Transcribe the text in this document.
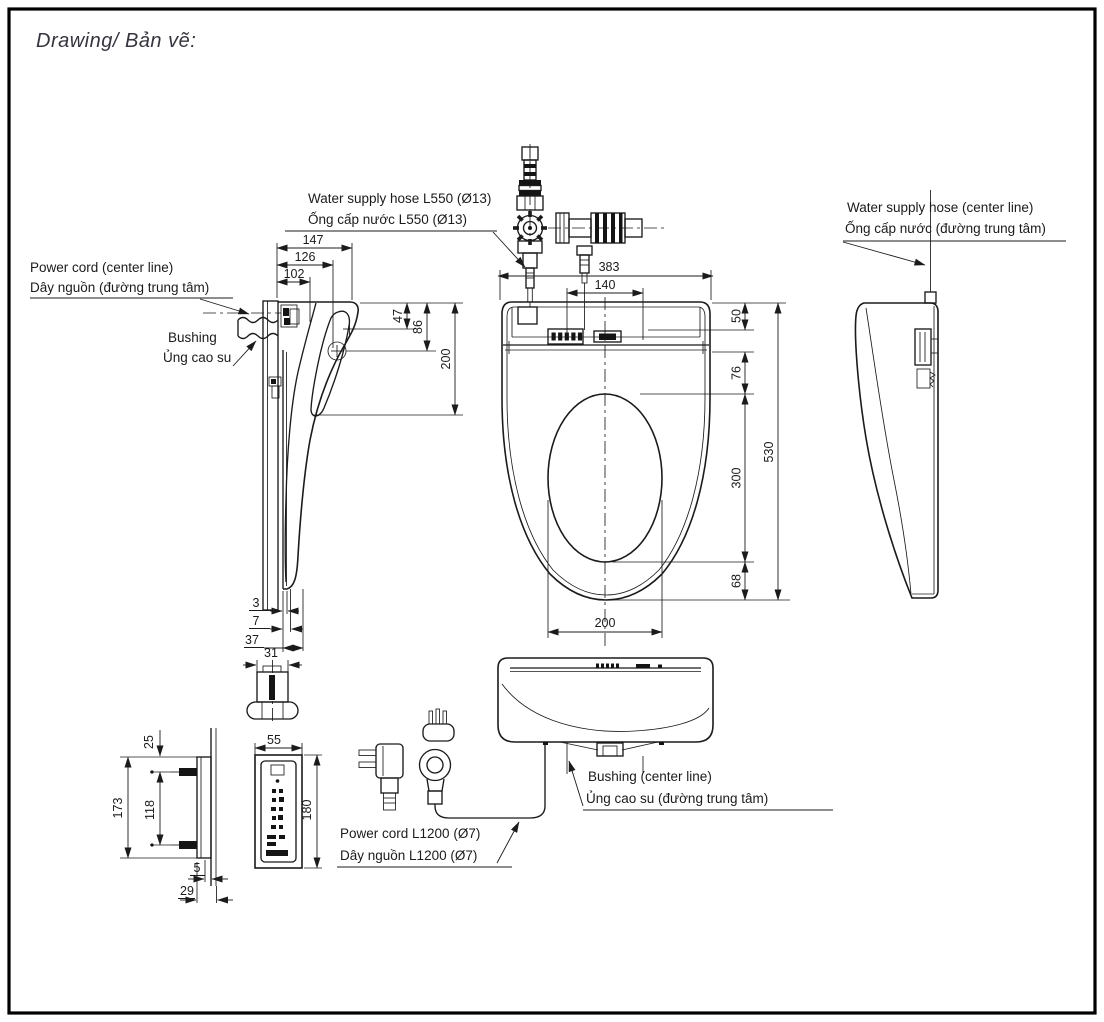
Drawing/ Bản vẽ:
147
126
102
47
86
200
3
7
37
31
Power cord (center line)
Dây nguồn (đường trung tâm)
Bushing
Ủng cao su
383
140
50
76
300
68
530
200
Water supply hose L550 (Ø13)
Ống cấp nước L550 (Ø13)
Water supply hose (center line)
Ống cấp nước (đường trung tâm)
Bushing (center line)
Ủng cao su (đường trung tâm)
Power cord L1200 (Ø7)
Dây nguồn L1200 (Ø7)
25
173 118
5
29
55
180
